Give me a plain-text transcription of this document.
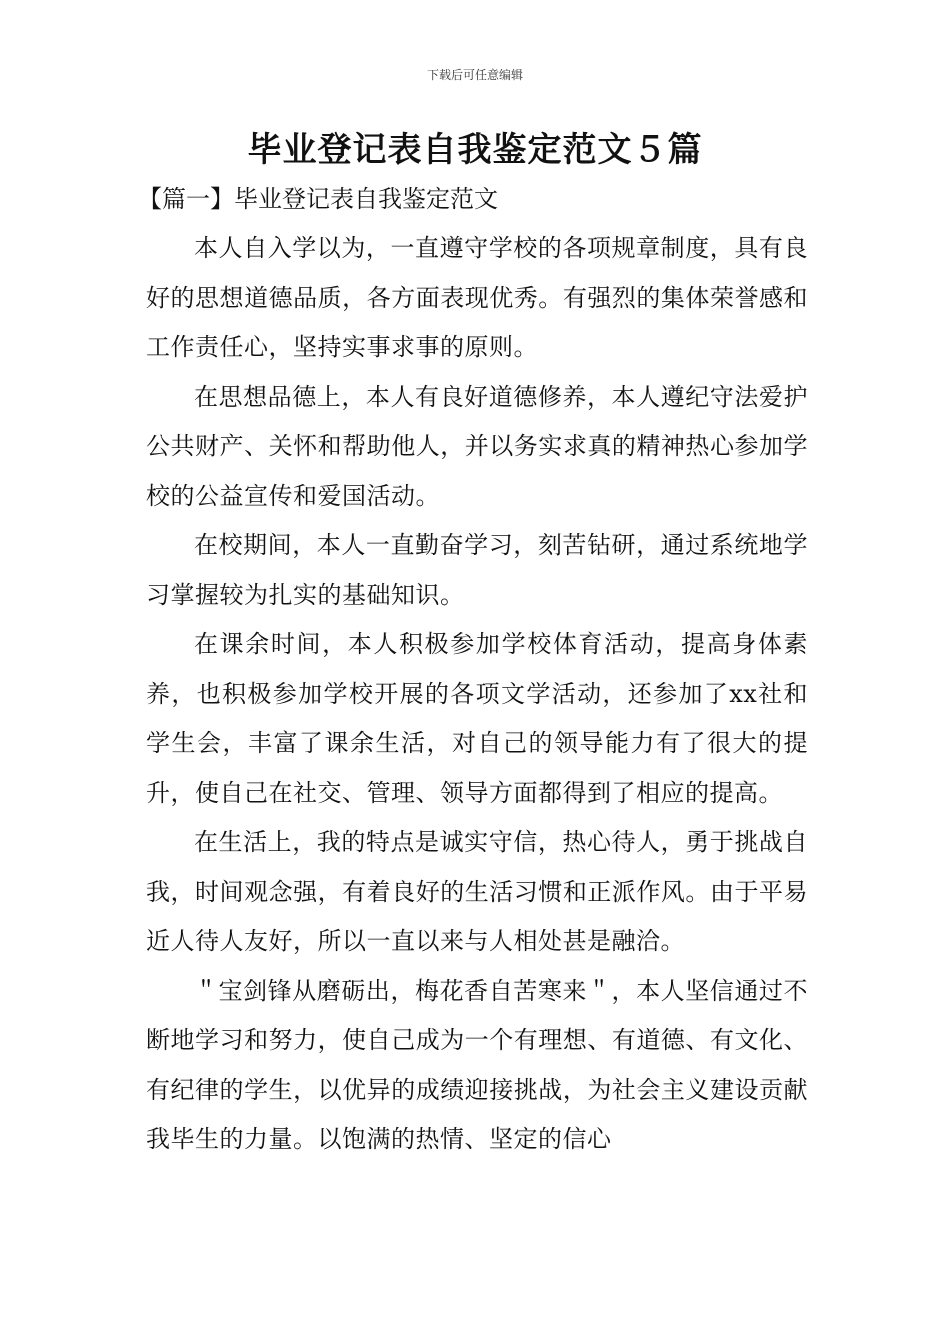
下载后可任意编辑
毕业登记表自我鉴定范文５篇
【篇一】毕业登记表自我鉴定范文

本人自入学以为，一直遵守学校的各项规章制度，具有良好的思想道德品质，各方面表现优秀。有强烈的集体荣誉感和工作责任心，坚持实事求事的原则。

在思想品德上，本人有良好道德修养，本人遵纪守法爱护公共财产、关怀和帮助他人，并以务实求真的精神热心参加学校的公益宣传和爱国活动。

在校期间，本人一直勤奋学习，刻苦钻研，通过系统地学习掌握较为扎实的基础知识。

在课余时间，本人积极参加学校体育活动，提高身体素养，也积极参加学校开展的各项文学活动，还参加了xx社和学生会，丰富了课余生活，对自己的领导能力有了很大的提升，使自己在社交、管理、领导方面都得到了相应的提高。

在生活上，我的特点是诚实守信，热心待人，勇于挑战自我，时间观念强，有着良好的生活习惯和正派作风。由于平易近人待人友好，所以一直以来与人相处甚是融洽。

＂宝剑锋从磨砺出，梅花香自苦寒来＂，本人坚信通过不断地学习和努力，使自己成为一个有理想、有道德、有文化、有纪律的学生，以优异的成绩迎接挑战，为社会主义建设贡献我毕生的力量。以饱满的热情、坚定的信心
